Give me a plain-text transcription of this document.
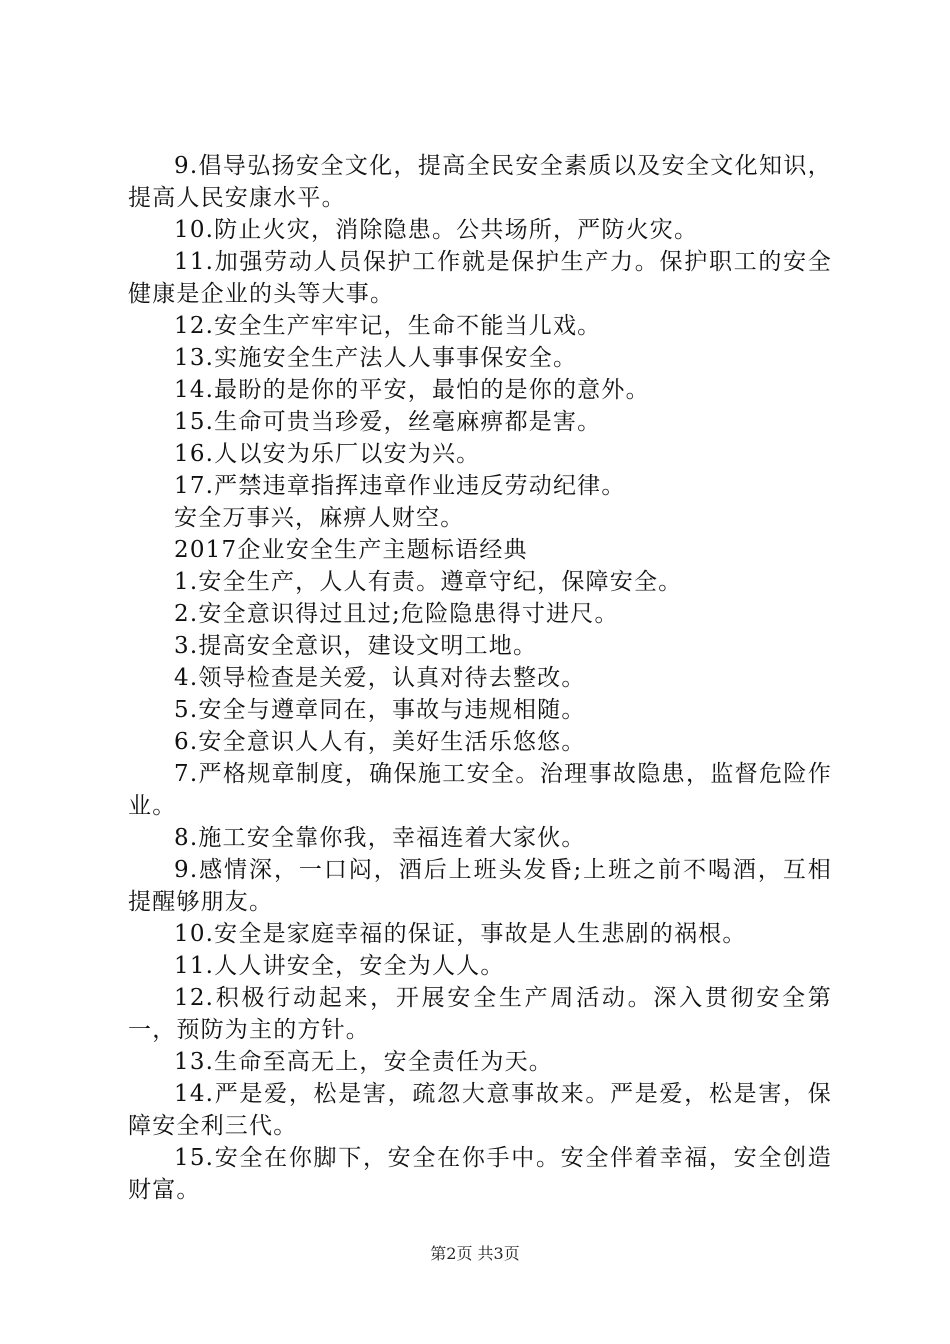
9.倡导弘扬安全文化，提高全民安全素质以及安全文化知识，提高人民安康水平。

10.防止火灾，消除隐患。公共场所，严防火灾。

11.加强劳动人员保护工作就是保护生产力。保护职工的安全健康是企业的头等大事。

12.安全生产牢牢记，生命不能当儿戏。

13.实施安全生产法人人事事保安全。

14.最盼的是你的平安，最怕的是你的意外。

15.生命可贵当珍爱，丝毫麻痹都是害。

16.人以安为乐厂以安为兴。

17.严禁违章指挥违章作业违反劳动纪律。

安全万事兴，麻痹人财空。

2017企业安全生产主题标语经典

1.安全生产，人人有责。遵章守纪，保障安全。

2.安全意识得过且过;危险隐患得寸进尺。

3.提高安全意识，建设文明工地。

4.领导检查是关爱，认真对待去整改。

5.安全与遵章同在，事故与违规相随。

6.安全意识人人有，美好生活乐悠悠。

7.严格规章制度，确保施工安全。治理事故隐患，监督危险作业。

8.施工安全靠你我，幸福连着大家伙。

9.感情深，一口闷，酒后上班头发昏;上班之前不喝酒，互相提醒够朋友。

10.安全是家庭幸福的保证，事故是人生悲剧的祸根。

11.人人讲安全，安全为人人。

12.积极行动起来，开展安全生产周活动。深入贯彻安全第一，预防为主的方针。

13.生命至高无上，安全责任为天。

14.严是爱，松是害，疏忽大意事故来。严是爱，松是害，保障安全利三代。

15.安全在你脚下，安全在你手中。安全伴着幸福，安全创造财富。

第2页 共3页
